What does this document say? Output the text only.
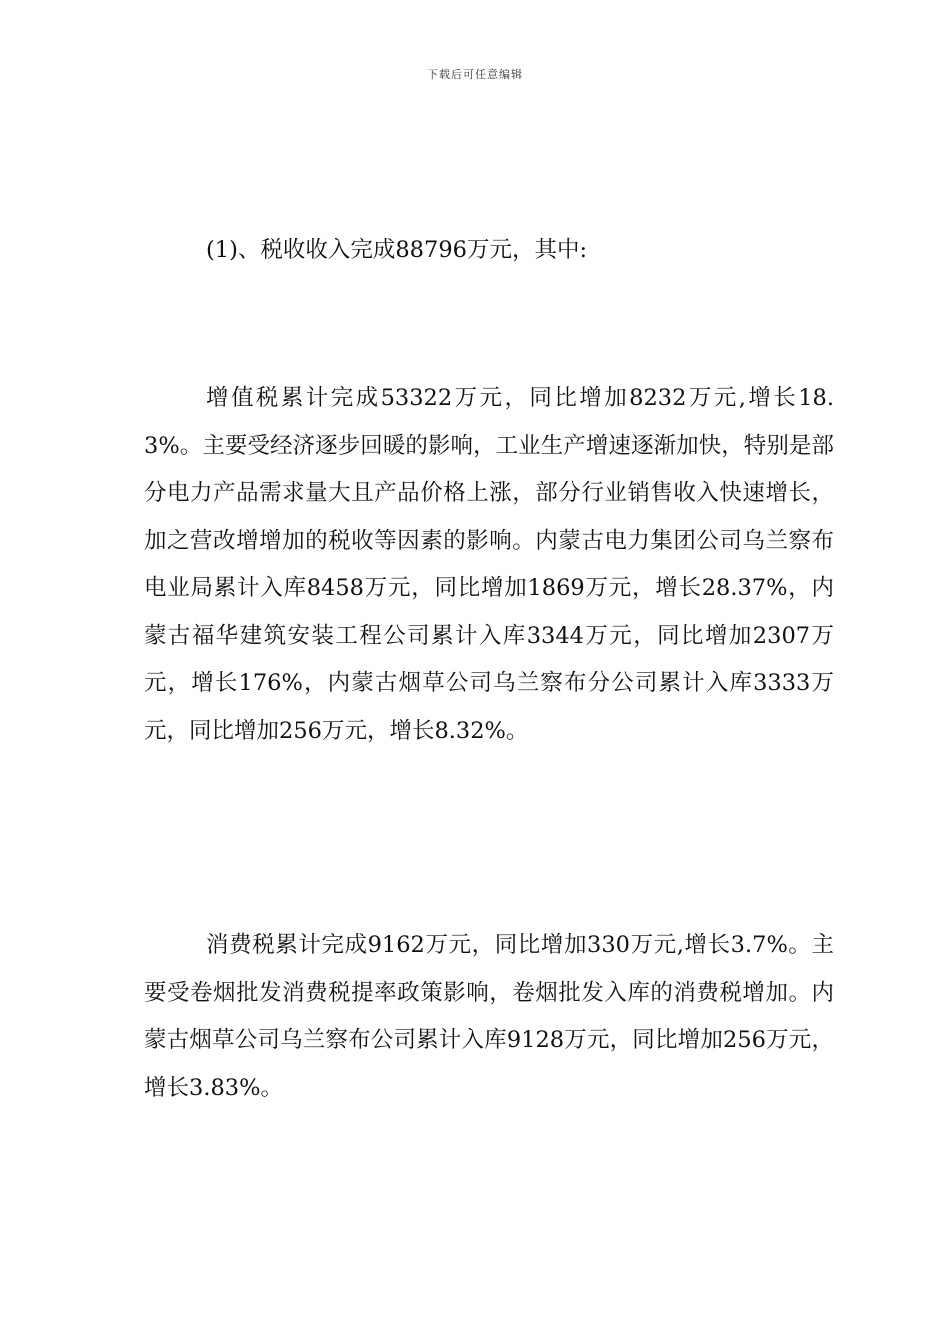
下载后可任意编辑

(1)、税收收入完成88796万元，其中:

增值税累计完成53322万元，同比增加8232万元,增长18.3%。主要受经济逐步回暖的影响，工业生产增速逐渐加快，特别是部分电力产品需求量大且产品价格上涨，部分行业销售收入快速增长，加之营改增增加的税收等因素的影响。内蒙古电力集团公司乌兰察布电业局累计入库8458万元，同比增加1869万元，增长28.37%，内蒙古福华建筑安装工程公司累计入库3344万元，同比增加2307万元，增长176%，内蒙古烟草公司乌兰察布分公司累计入库3333万元，同比增加256万元，增长8.32%。

消费税累计完成9162万元，同比增加330万元,增长3.7%。主要受卷烟批发消费税提率政策影响，卷烟批发入库的消费税增加。内蒙古烟草公司乌兰察布公司累计入库9128万元，同比增加256万元，增长3.83%。
